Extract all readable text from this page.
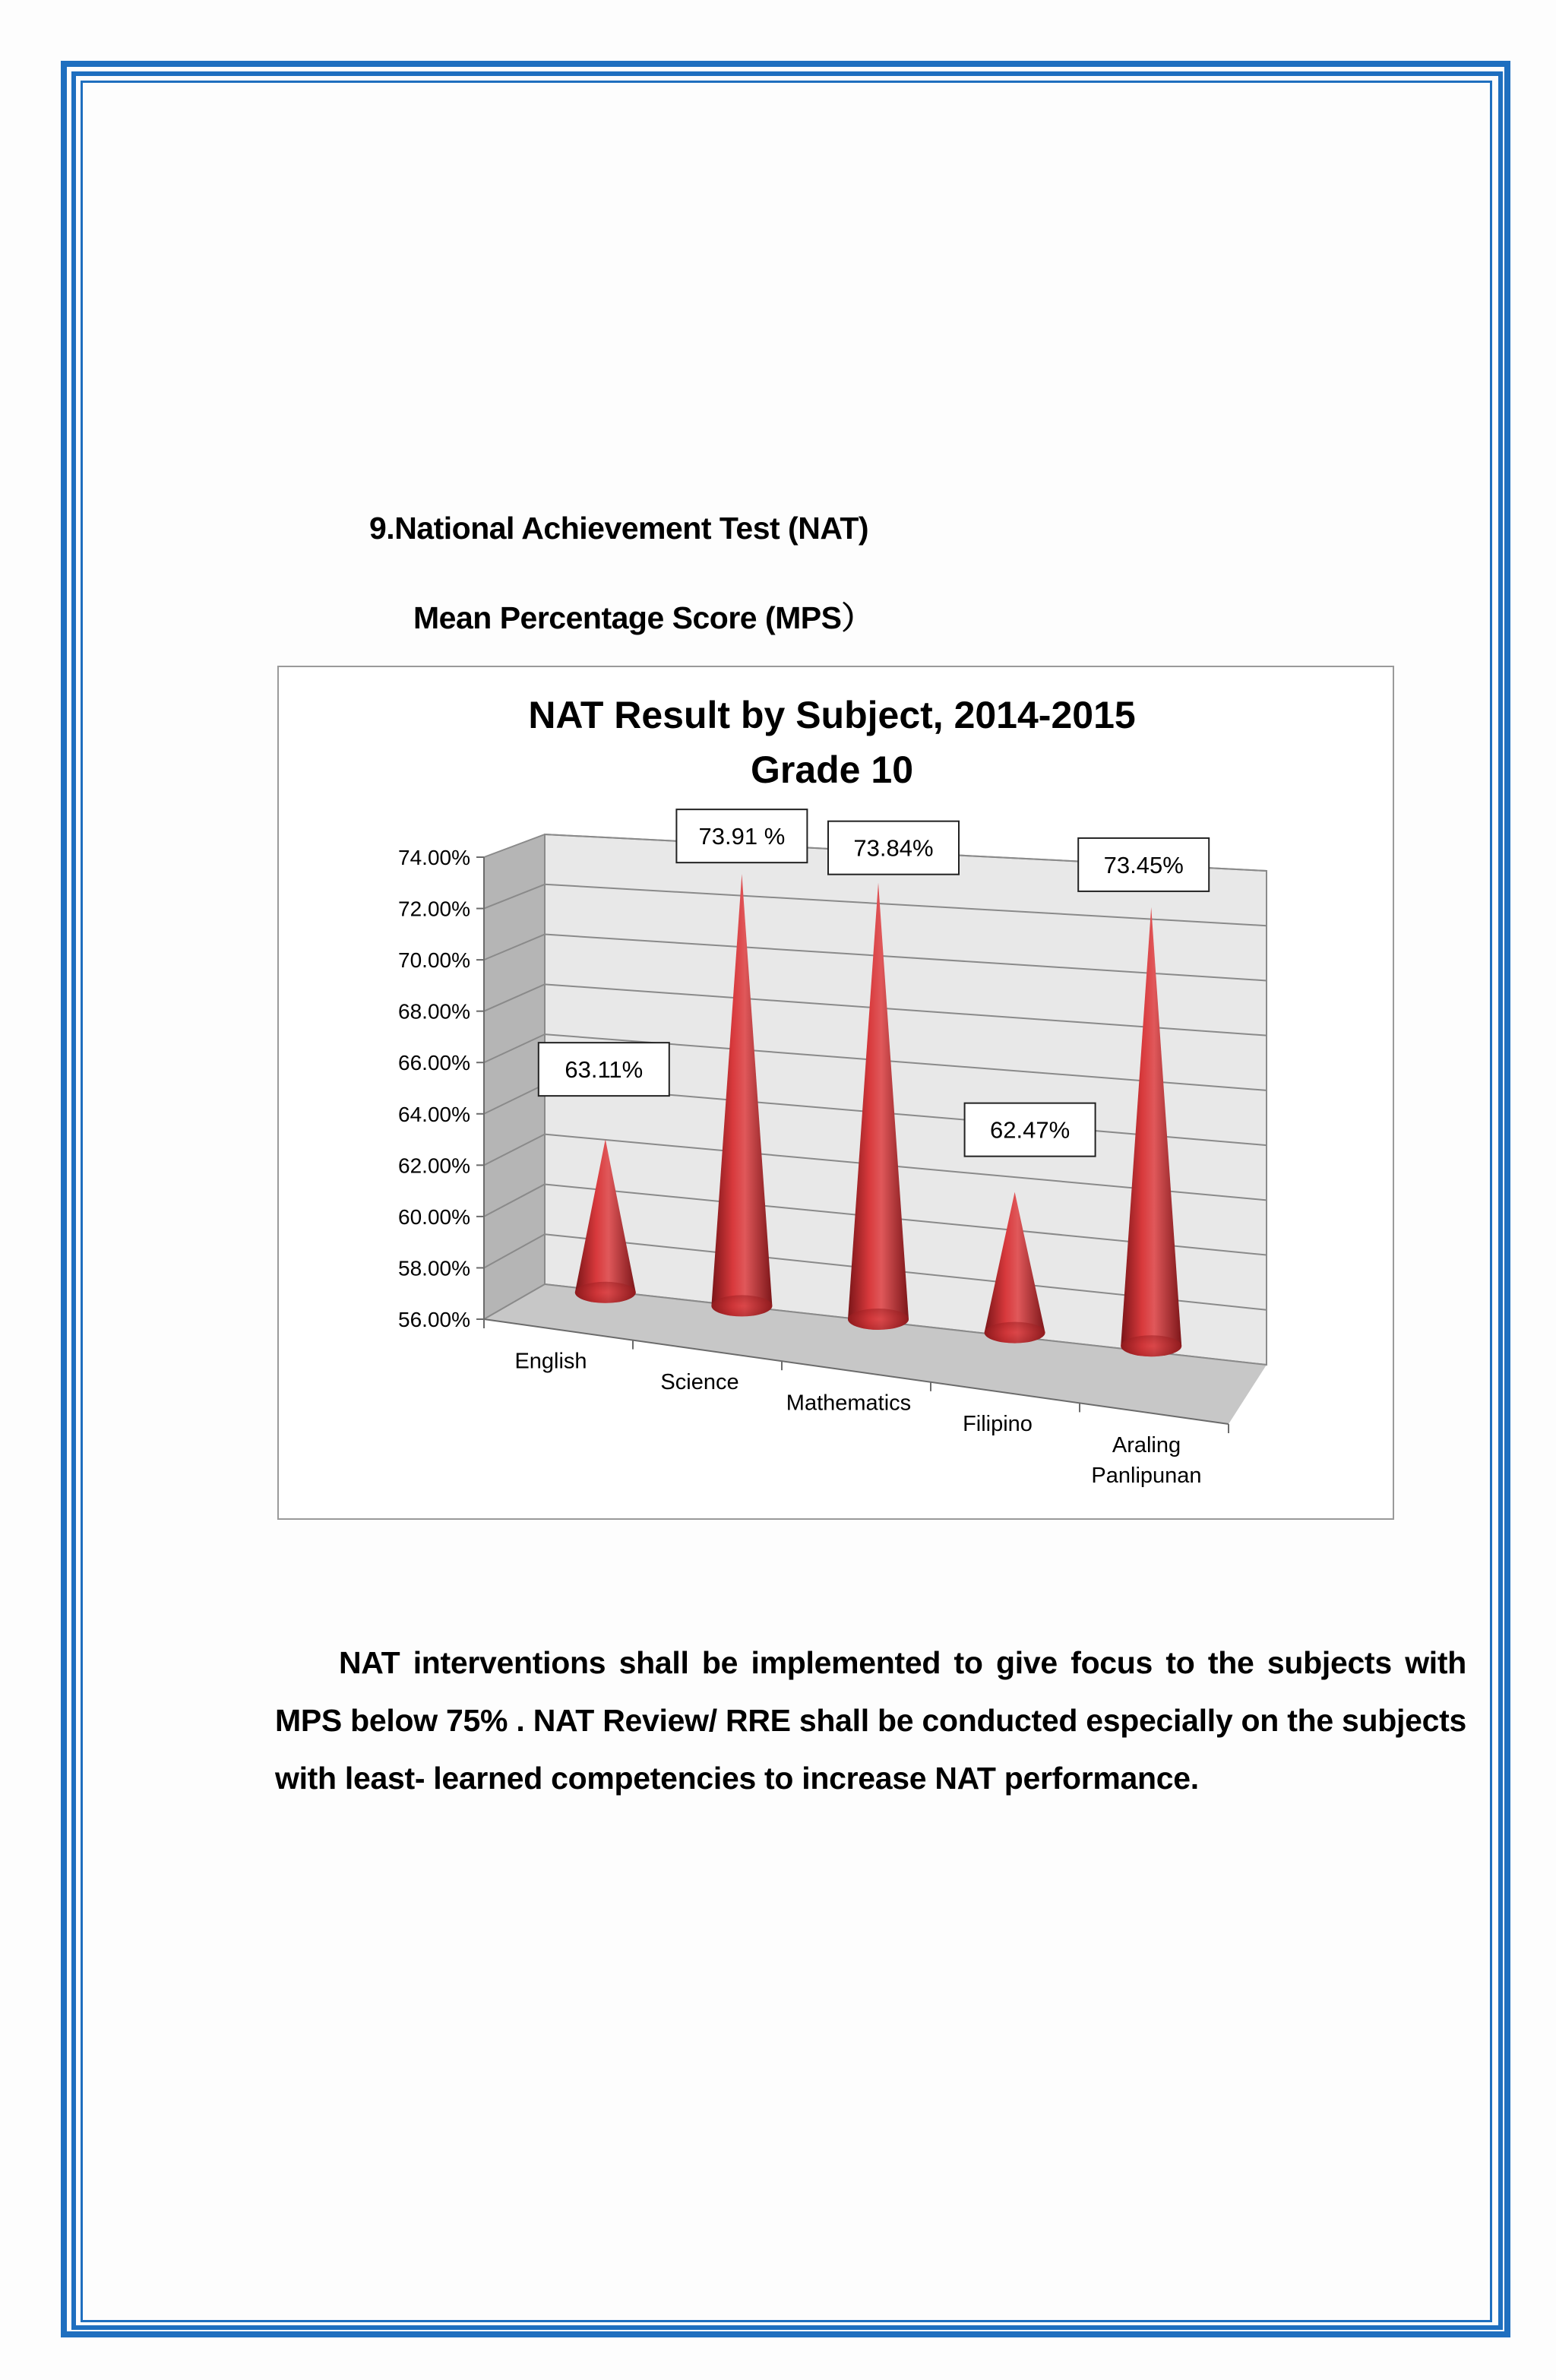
9.National Achievement Test (NAT)
Mean Percentage Score (MPS）
NAT Result by Subject, 2014-2015
Grade 10
56.00%
58.00%
60.00%
62.00%
64.00%
66.00%
68.00%
70.00%
72.00%
74.00%
English
Science
Mathematics
Filipino
Araling Panlipunan
63.11%
73.91 %	73.84%
62.47%
73.45%
NAT interventions shall be implemented to give focus to the subjects with MPS below 75% . NAT Review/ RRE shall be conducted especially on the subjects with least- learned competencies to increase NAT performance.
